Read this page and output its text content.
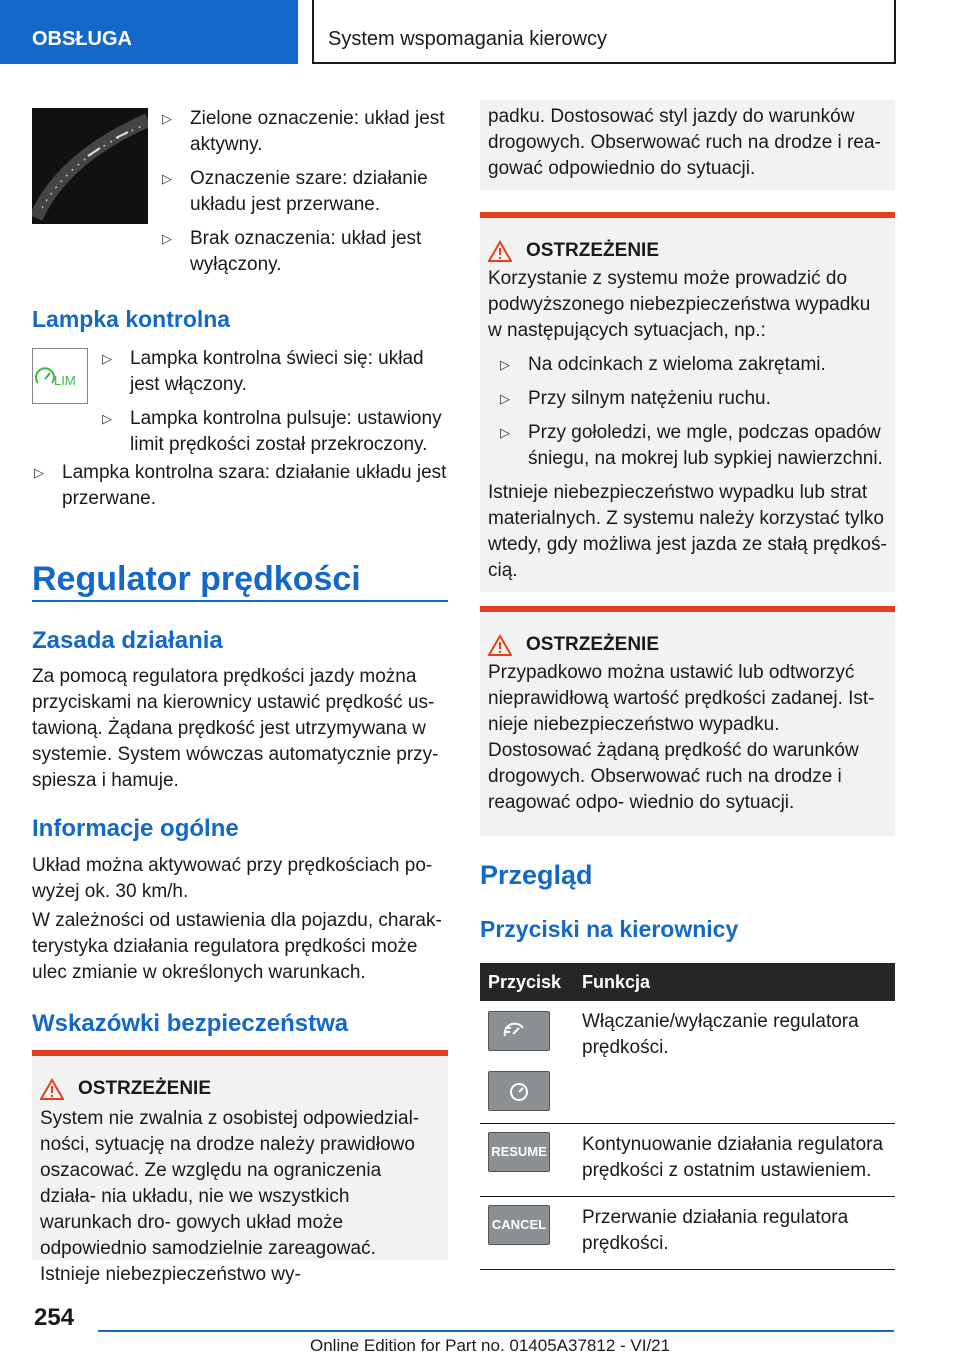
OBSŁUGA	System wspomagania kierowcy
▷ Zielone oznaczenie: układ jest aktywny.
▷ Oznaczenie szare: działanie układu jest przerwane.
▷ Brak oznaczenia: układ jest wyłączony.
Lampka kontrolna
LIM
▷ Lampka kontrolna świeci się: układ jest włączony.
▷ Lampka kontrolna pulsuje: ustawiony limit prędkości został przekroczony.
▷ Lampka kontrolna szara: działanie układu jest przerwane.
Regulator prędkości
Zasada działania
Za pomocą regulatora prędkości jazdy można przyciskami na kierownicy ustawić prędkość us- tawioną. Żądana prędkość jest utrzymywana w systemie. System wówczas automatycznie przy- spiesza i hamuje.
Informacje ogólne
Układ można aktywować przy prędkościach po- wyżej ok. 30 km/h.
W zależności od ustawienia dla pojazdu, charak- terystyka działania regulatora prędkości może ulec zmianie w określonych warunkach.
Wskazówki bezpieczeństwa
OSTRZEŻENIE
System nie zwalnia z osobistej odpowiedzial- ności, sytuację na drodze należy prawidłowo oszacować. Ze względu na ograniczenia działa- nia układu, nie we wszystkich warunkach dro- gowych układ może odpowiednio samodzielnie zareagować. Istnieje niebezpieczeństwo wy-
padku. Dostosować styl jazdy do warunków drogowych. Obserwować ruch na drodze i rea- gować odpowiednio do sytuacji.
OSTRZEŻENIE
Korzystanie z systemu może prowadzić do podwyższonego niebezpieczeństwa wypadku w następujących sytuacjach, np.:
▷ Na odcinkach z wieloma zakrętami.
▷ Przy silnym natężeniu ruchu.
▷ Przy gołoledzi, we mgle, podczas opadów śniegu, na mokrej lub sypkiej nawierzchni.
Istnieje niebezpieczeństwo wypadku lub strat materialnych. Z systemu należy korzystać tylko wtedy, gdy możliwa jest jazda ze stałą prędkoś- cią.
OSTRZEŻENIE
Przypadkowo można ustawić lub odtworzyć nieprawidłową wartość prędkości zadanej. Ist- nieje niebezpieczeństwo wypadku. Dostosować żądaną prędkość do warunków drogowych. Obserwować ruch na drodze i reagować odpo- wiednio do sytuacji.
Przegląd
Przyciski na kierownicy
Przycisk	Funkcja

	Włączanie/wyłączanie regulatora prędkości.

RESUME	Kontynuowanie działania regulatora prędkości z ostatnim ustawieniem.

CANCEL	Przerwanie działania regulatora prędkości.
254
Online Edition for Part no. 01405A37812 - VI/21
